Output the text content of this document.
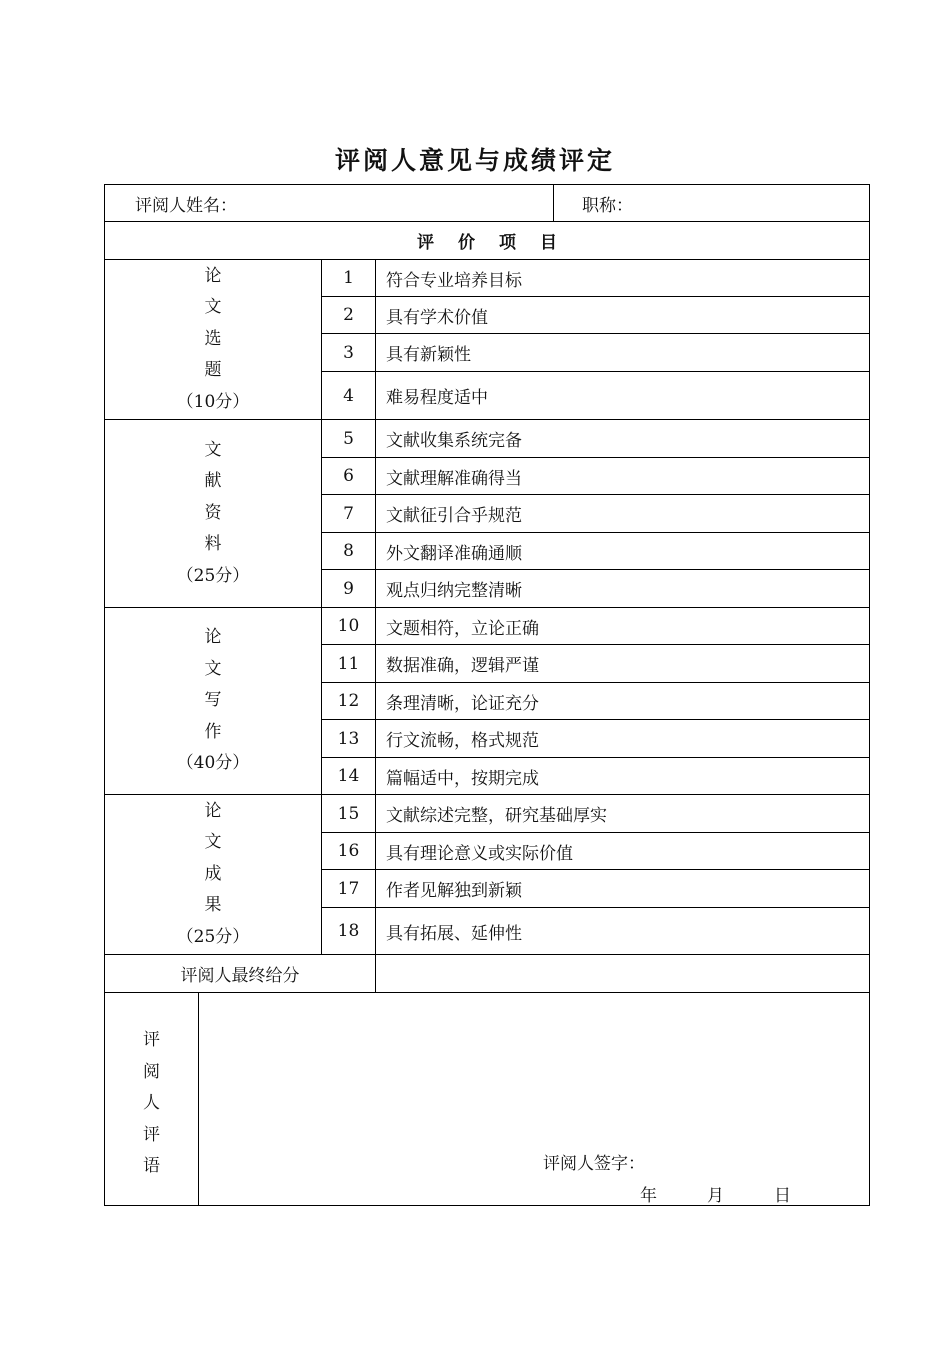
评阅人意见与成绩评定
评阅人姓名：				职称：
评 价 项 目				

论
文
选
题
（10分）		1	符合专业培养目标	
		2	具有学术价值	
		3	具有新颖性	
		4	难易程度适中	

文
献
资
料
（25分）		5	文献收集系统完备	
		6	文献理解准确得当	
		7	文献征引合乎规范	
		8	外文翻译准确通顺	
		9	观点归纳完整清晰	

论
文
写
作
（40分）		10	文题相符，立论正确	
		11	数据准确，逻辑严谨	
		12	条理清晰，论证充分	
		13	行文流畅，格式规范	
		14	篇幅适中，按期完成	

论
文
成
果
（25分）		15	文献综述完整，研究基础厚实	
		16	具有理论意义或实际价值	
		17	作者见解独到新颖	
		18	具有拓展、延伸性	
评阅人最终给分				

评
阅
人
评
语				
		评阅人签字：
年	月	日
